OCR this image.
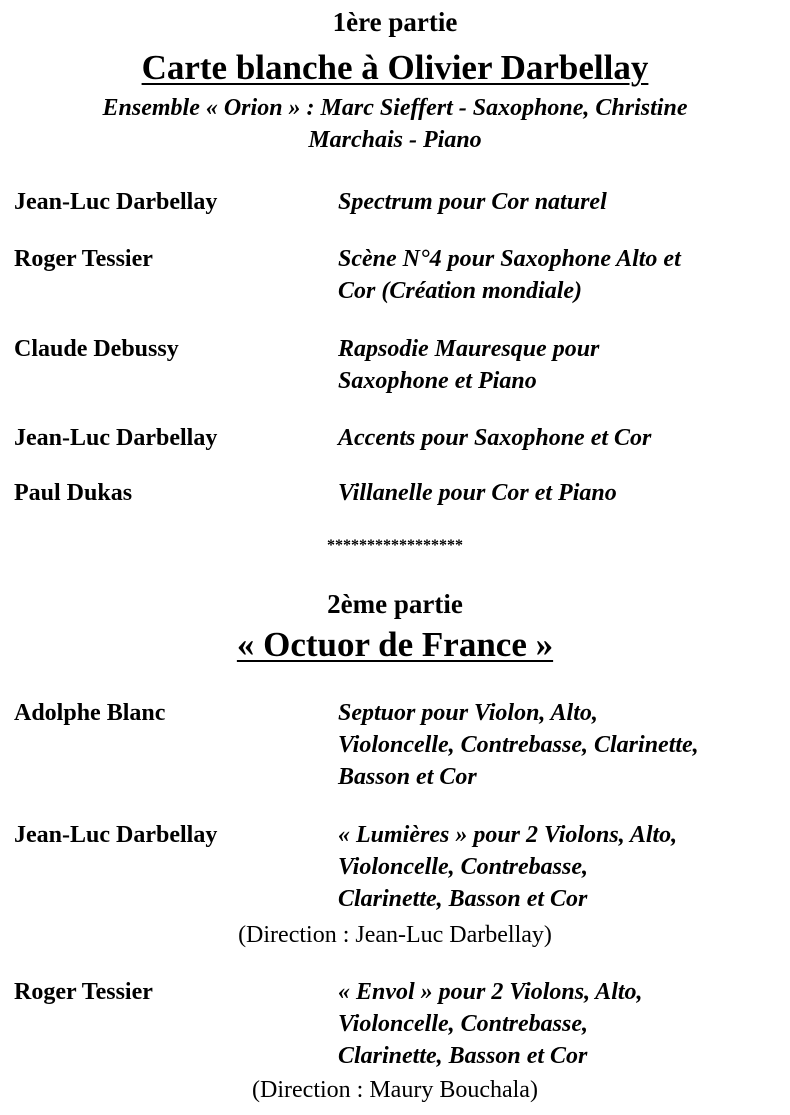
1ère partie
Carte blanche à Olivier Darbellay
Ensemble « Orion » : Marc Sieffert - Saxophone, Christine
Marchais - Piano
Jean-Luc Darbellay	Spectrum pour Cor naturel
Roger Tessier	Scène N°4 pour Saxophone Alto et
Cor (Création mondiale)
Claude Debussy	Rapsodie Mauresque pour
Saxophone et Piano
Jean-Luc Darbellay	Accents pour Saxophone et Cor
Paul Dukas	Villanelle pour Cor et Piano
*****************
2ème partie
« Octuor de France »
Adolphe Blanc	Septuor pour Violon, Alto,
Violoncelle, Contrebasse, Clarinette,
Basson et Cor
Jean-Luc Darbellay	« Lumières » pour 2 Violons, Alto,
Violoncelle, Contrebasse,
Clarinette, Basson et Cor
(Direction : Jean-Luc Darbellay)
Roger Tessier	« Envol » pour 2 Violons, Alto,
Violoncelle, Contrebasse,
Clarinette, Basson et Cor
(Direction : Maury Bouchala)
